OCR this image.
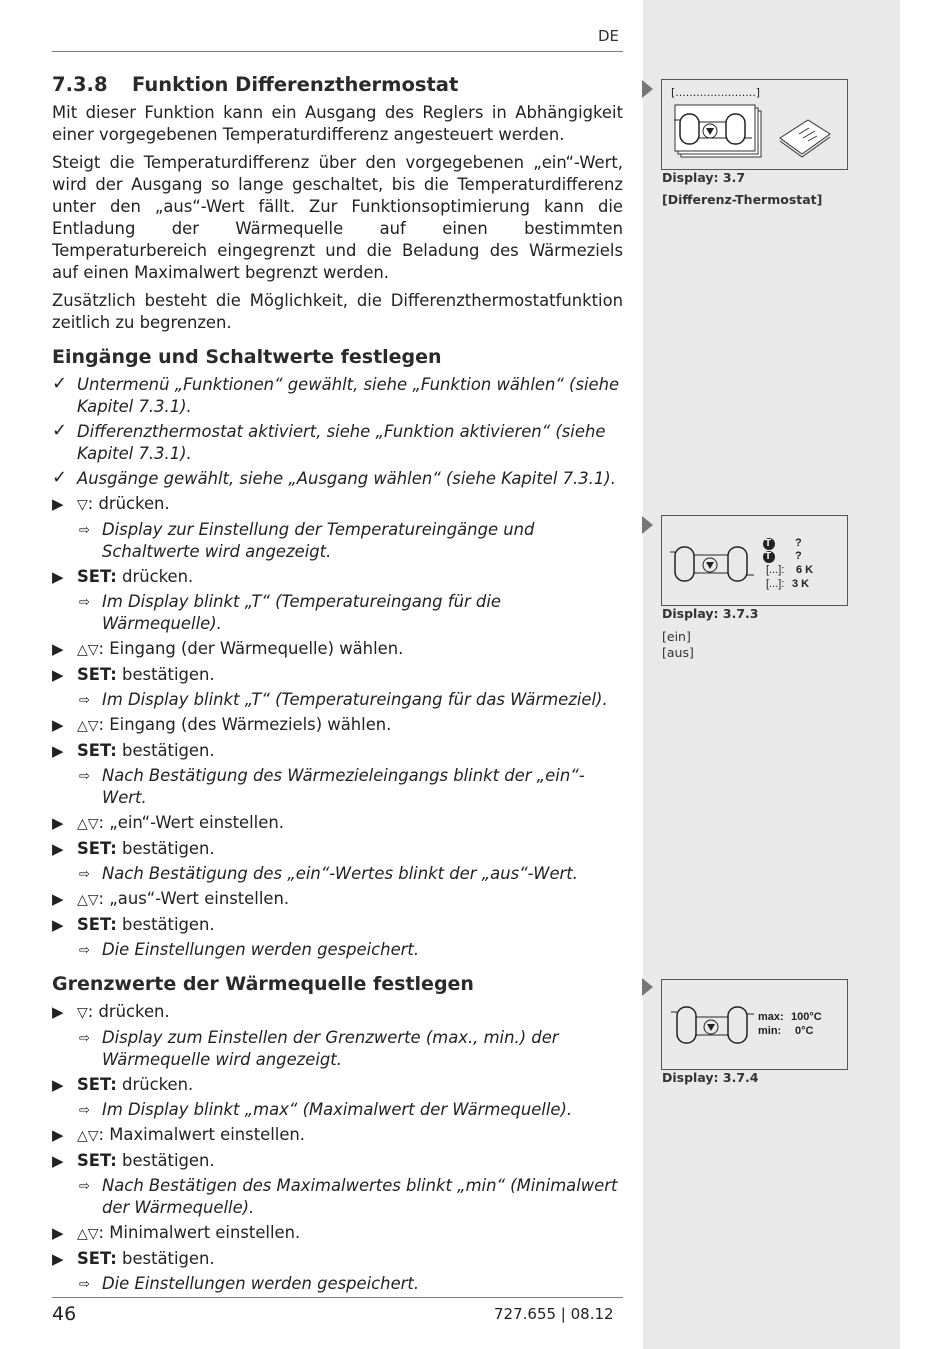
DE
7.3.8 Funktion Differenzthermostat

Mit dieser Funktion kann ein Ausgang des Reglers in Abhängigkeit einer vorgegebenen Temperaturdifferenz angesteuert werden.

Steigt die Temperaturdifferenz über den vorgegebenen „ein“-Wert, wird der Ausgang so lange geschaltet, bis die Temperaturdifferenz unter den „aus“-Wert fällt. Zur Funktionsoptimierung kann die Entladung der Wärmequelle auf einen bestimmten Temperaturbereich eingegrenzt und die Beladung des Wärmeziels auf einen Maximalwert begrenzt werden.

Zusätzlich besteht die Möglichkeit, die Differenzthermostatfunktion zeitlich zu begrenzen.

Eingänge und Schaltwerte festlegen
✓ Untermenü „Funktionen“ gewählt, siehe „Funktion wählen“ (siehe Kapitel 7.3.1).
✓ Differenzthermostat aktiviert, siehe „Funktion aktivieren“ (siehe Kapitel 7.3.1).
✓ Ausgänge gewählt, siehe „Ausgang wählen“ (siehe Kapitel 7.3.1).
▶ ▽: drücken.
⇨ Display zur Einstellung der Temperatureingänge und Schaltwerte wird angezeigt.
▶ SET: drücken.
⇨ Im Display blinkt „T“ (Temperatureingang für die Wärmequelle).
▶ △▽: Eingang (der Wärmequelle) wählen.
▶ SET: bestätigen.
⇨ Im Display blinkt „T“ (Temperatureingang für das Wärmeziel).
▶ △▽: Eingang (des Wärmeziels) wählen.
▶ SET: bestätigen.
⇨ Nach Bestätigung des Wärmezieleingangs blinkt der „ein“-Wert.
▶ △▽: „ein“-Wert einstellen.
▶ SET: bestätigen.
⇨ Nach Bestätigung des „ein“-Wertes blinkt der „aus“-Wert.
▶ △▽: „aus“-Wert einstellen.
▶ SET: bestätigen.
⇨ Die Einstellungen werden gespeichert.
Grenzwerte der Wärmequelle festlegen
▶ ▽: drücken.
⇨ Display zum Einstellen der Grenzwerte (max., min.) der Wärmequelle wird angezeigt.
▶ SET: drücken.
⇨ Im Display blinkt „max“ (Maximalwert der Wärmequelle).
▶ △▽: Maximalwert einstellen.
▶ SET: bestätigen.
⇨ Nach Bestätigen des Maximalwertes blinkt „min“ (Minimalwert der Wärmequelle).
▶ △▽: Minimalwert einstellen.
▶ SET: bestätigen.
⇨ Die Einstellungen werden gespeichert.
[.......................]
Display: 3.7
[Differenz-Thermostat]
T
T
?
?
[...]: 6 K
[...]: 3 K
Display: 3.7.3
[ein]
[aus]
max: 100°C
min: 0°C
Display: 3.7.4
46	727.655 | 08.12
